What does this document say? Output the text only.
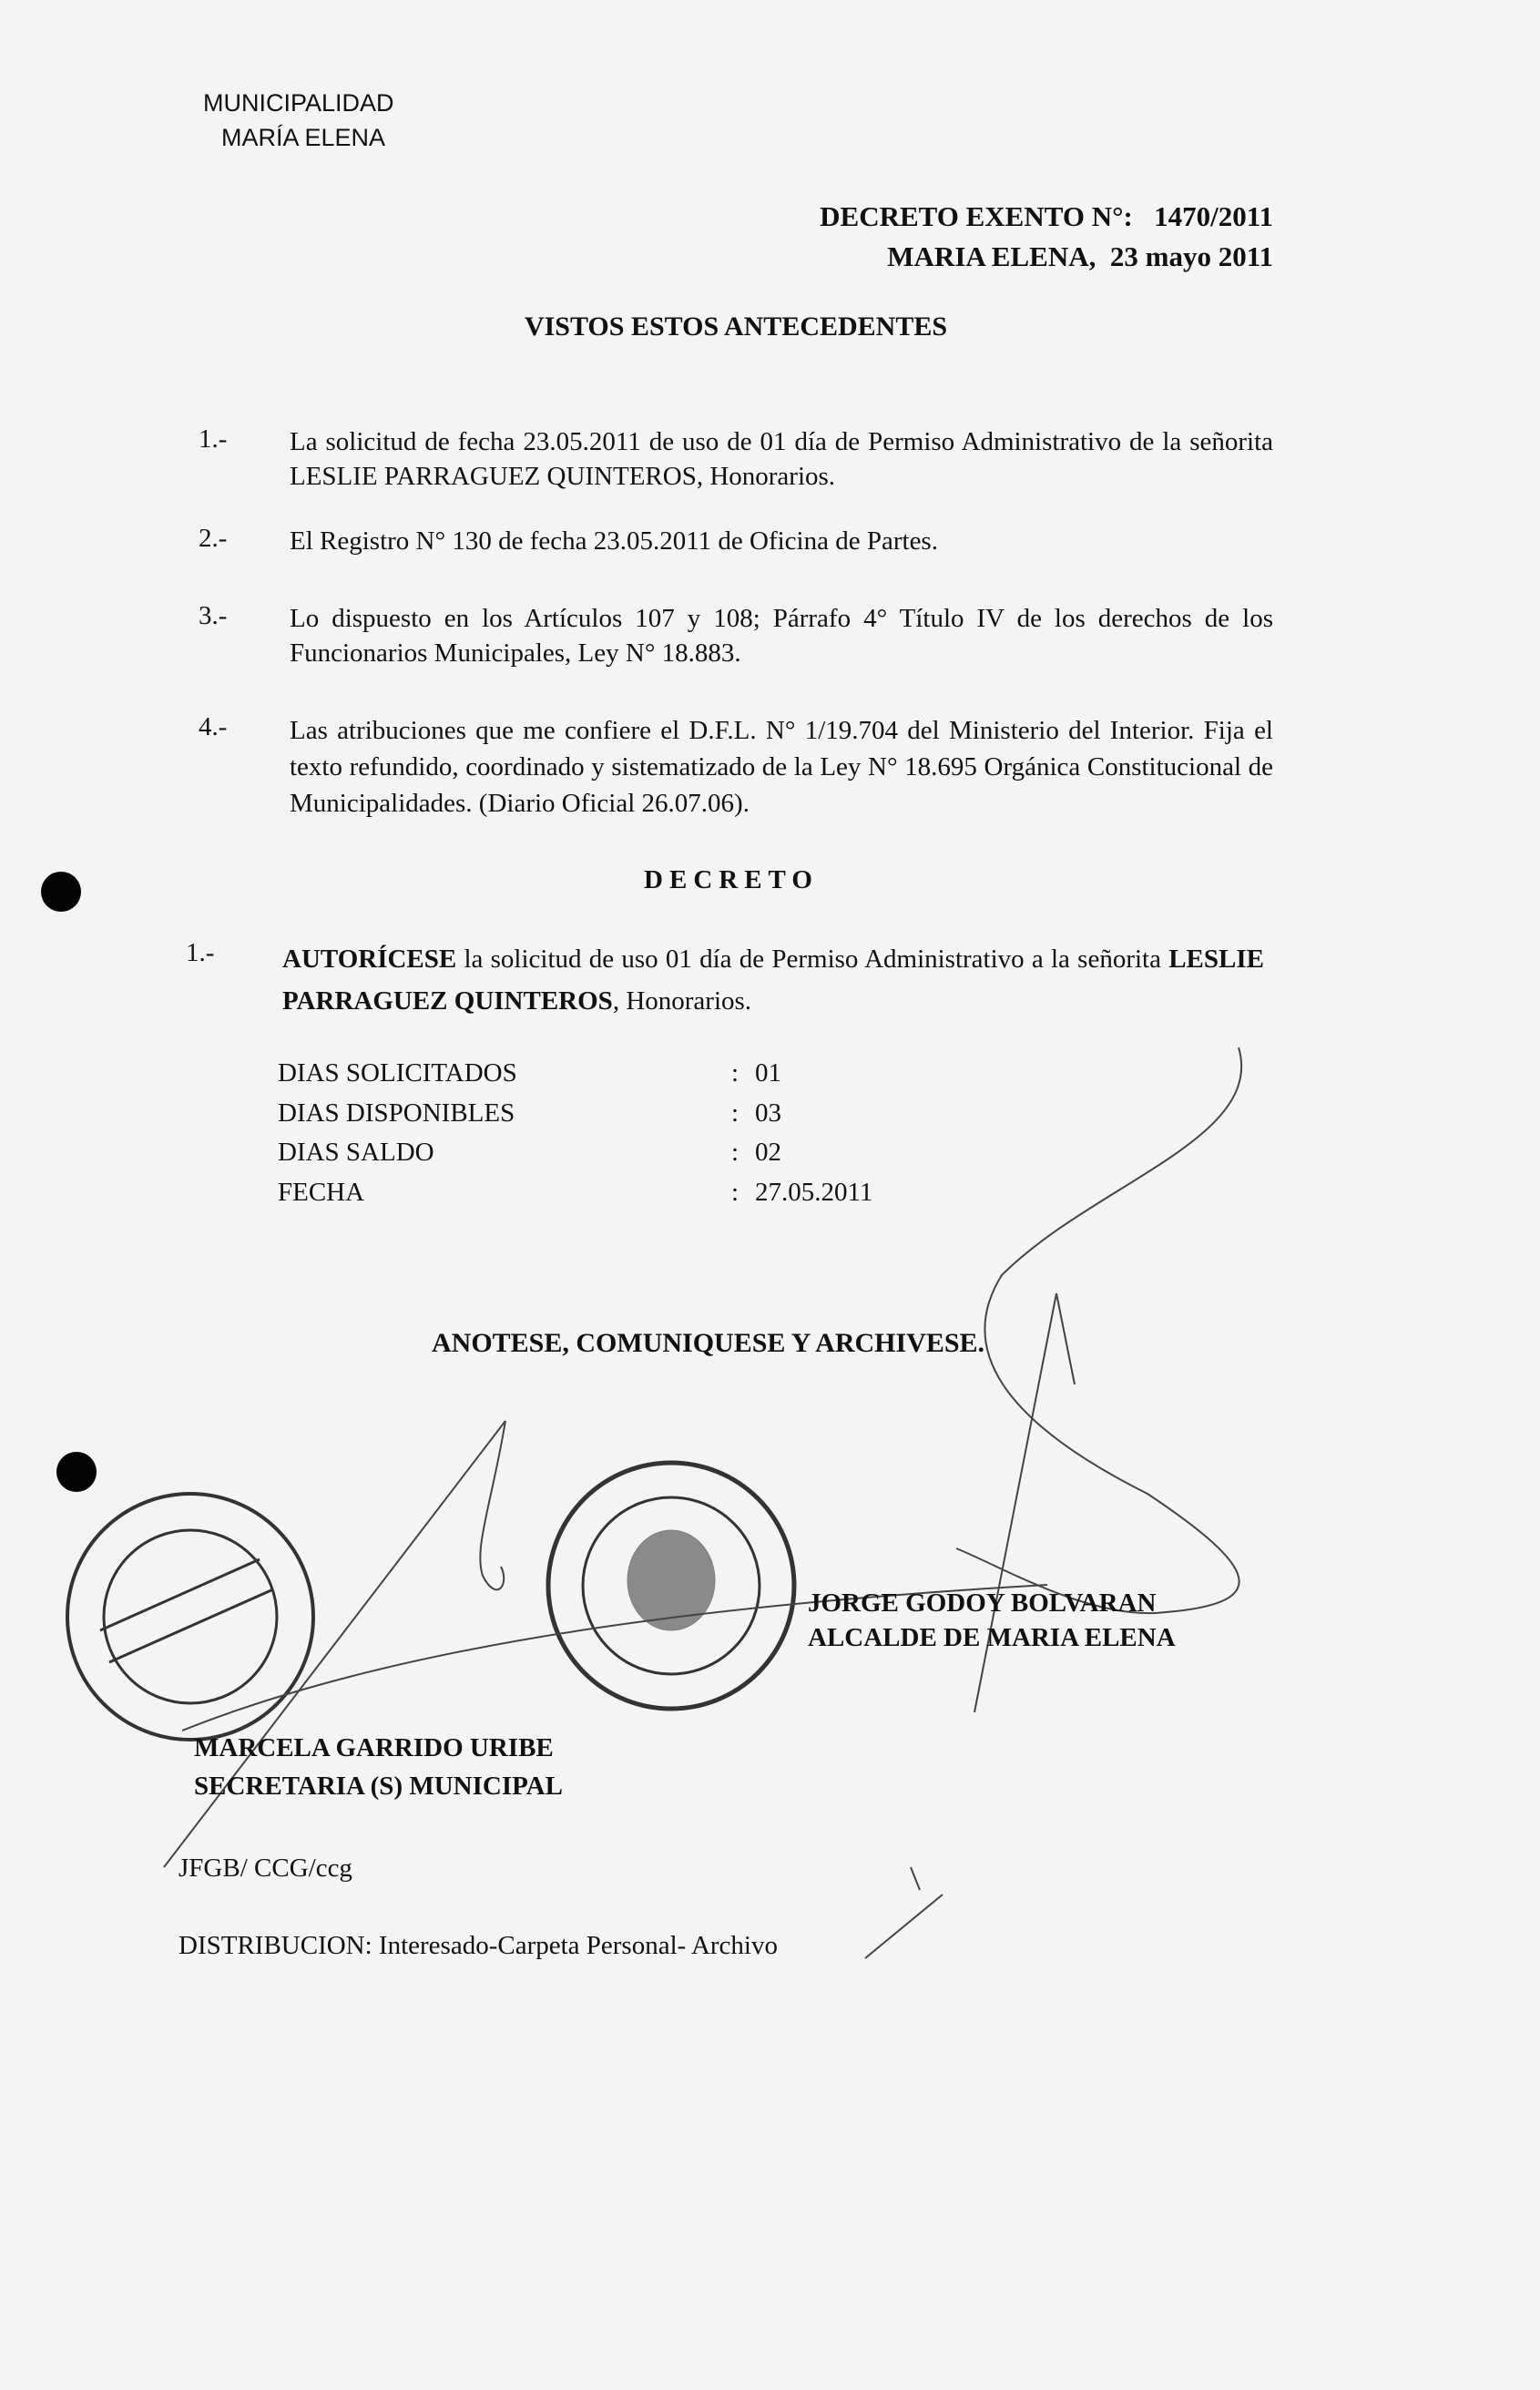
MUNICIPALIDAD
MARÍA ELENA
DECRETO EXENTO N°: 1470/2011
MARIA ELENA, 23 mayo 2011
VISTOS ESTOS ANTECEDENTES
1.- La solicitud de fecha 23.05.2011 de uso de 01 día de Permiso Administrativo de la señorita LESLIE PARRAGUEZ QUINTEROS, Honorarios.
2.- El Registro N° 130 de fecha 23.05.2011 de Oficina de Partes.
3.- Lo dispuesto en los Artículos 107 y 108; Párrafo 4° Título IV de los derechos de los Funcionarios Municipales, Ley N° 18.883.
4.- Las atribuciones que me confiere el D.F.L. N° 1/19.704 del Ministerio del Interior. Fija el texto refundido, coordinado y sistematizado de la Ley N° 18.695 Orgánica Constitucional de Municipalidades. (Diario Oficial 26.07.06).
DECRETO
1.-	AUTORÍCESE la solicitud de uso 01 día de Permiso Administrativo a la señorita LESLIE PARRAGUEZ QUINTEROS, Honorarios.
DIAS SOLICITADOS	: 01
DIAS DISPONIBLES	: 03
DIAS SALDO	: 02
FECHA	: 27.05.2011
ANOTESE, COMUNIQUESE Y ARCHIVESE.
JORGE GODOY BOLVARAN
ALCALDE DE MARIA ELENA
MARCELA GARRIDO URIBE
SECRETARIA (S) MUNICIPAL
JFGB/ CCG/ccg
DISTRIBUCION: Interesado-Carpeta Personal- Archivo
